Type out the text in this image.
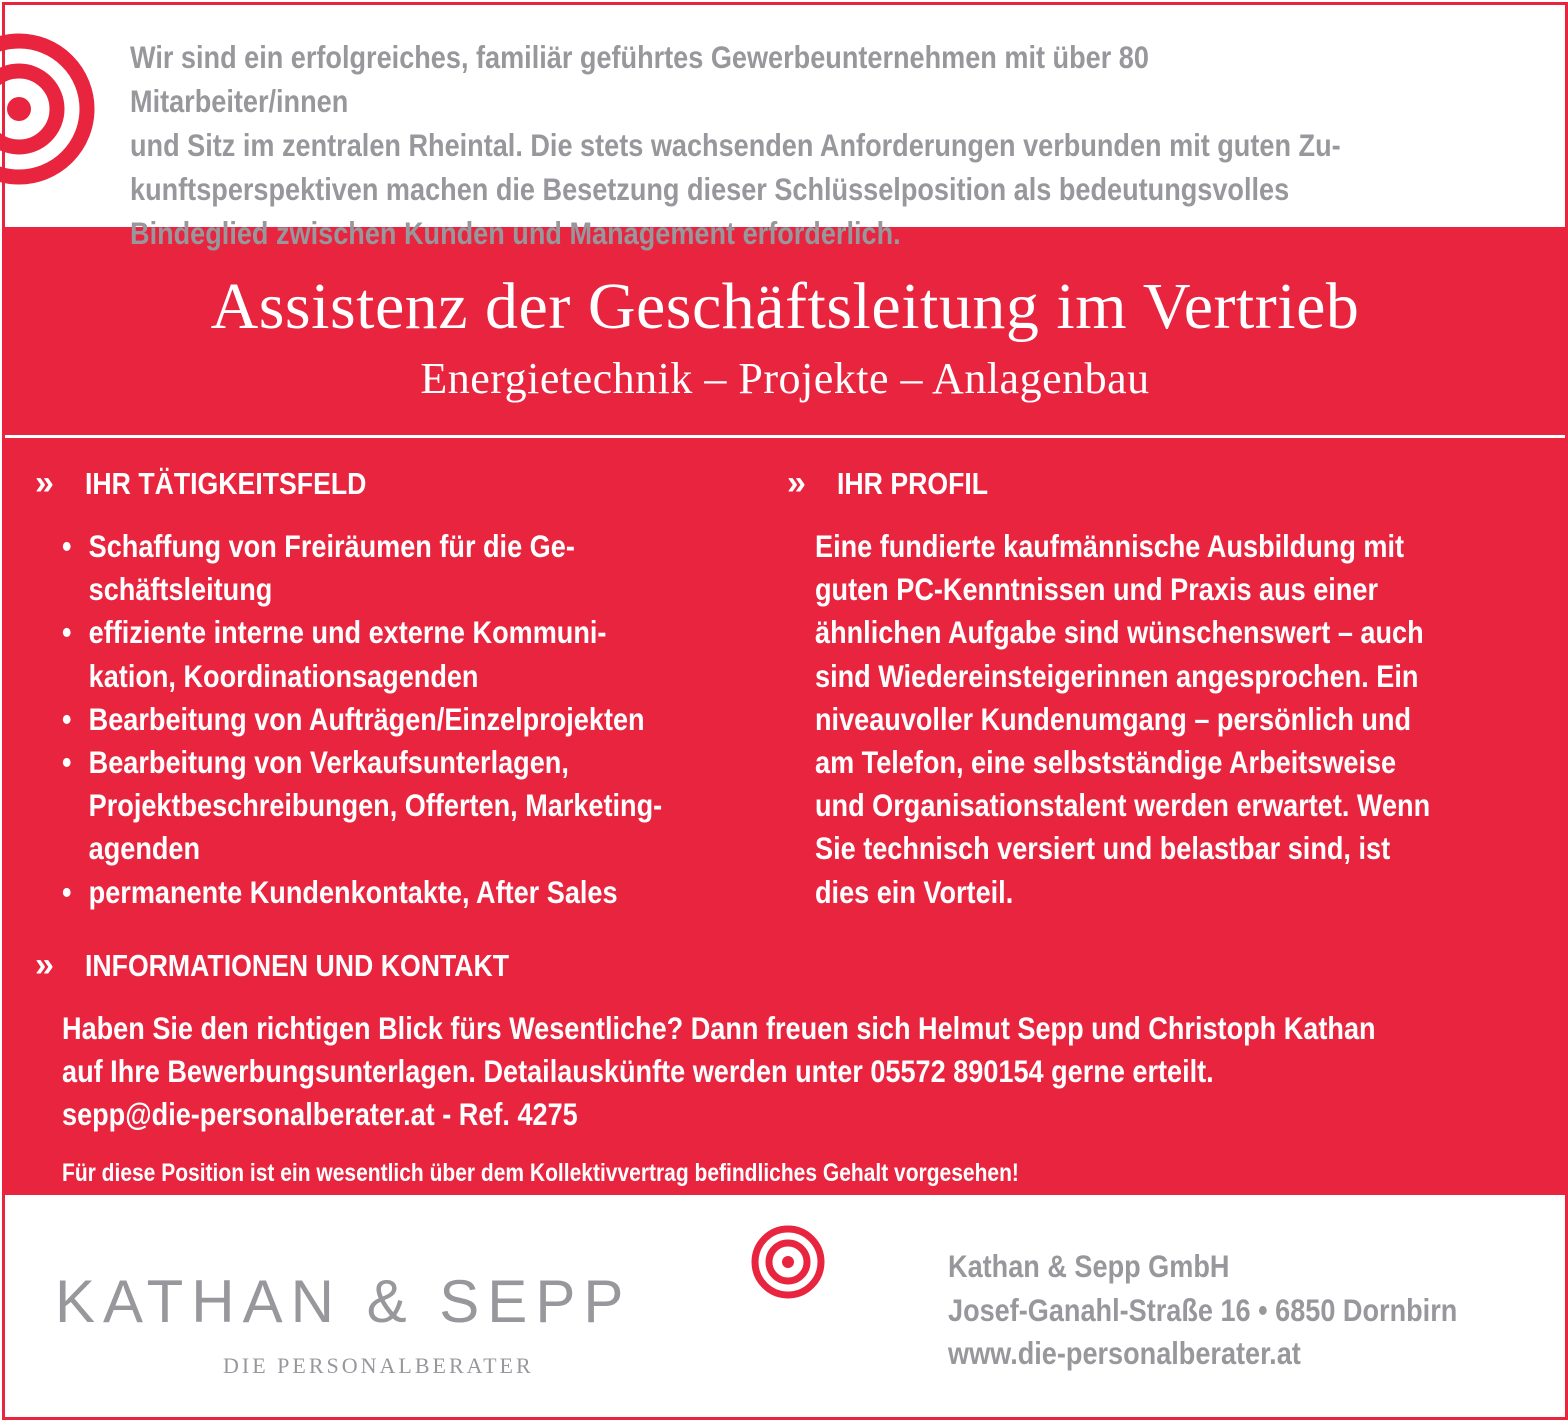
Wir sind ein erfolgreiches, familiär geführtes Gewerbeunternehmen mit über 80 Mitarbeiter/innen
und Sitz im zentralen Rheintal. Die stets wachsenden Anforderungen verbunden mit guten Zu-
kunftsperspektiven machen die Besetzung dieser Schlüsselposition als bedeutungsvolles
Bindeglied zwischen Kunden und Management erforderlich.

Assistenz der Geschäftsleitung im Vertrieb
Energietechnik – Projekte – Anlagenbau
» IHR TÄTIGKEITSFELD
• Schaffung von Freiräumen für die Ge-
schäftsleitung
• effiziente interne und externe Kommuni-
kation, Koordinationsagenden
• Bearbeitung von Aufträgen/Einzelprojekten
• Bearbeitung von Verkaufsunterlagen,
Projektbeschreibungen, Offerten, Marketing-
agenden
• permanente Kundenkontakte, After Sales
» IHR PROFIL
Eine fundierte kaufmännische Ausbildung mit
guten PC-Kenntnissen und Praxis aus einer
ähnlichen Aufgabe sind wünschenswert – auch
sind Wiedereinsteigerinnen angesprochen. Ein
niveauvoller Kundenumgang – persönlich und
am Telefon, eine selbstständige Arbeitsweise
und Organisationstalent werden erwartet. Wenn
Sie technisch versiert und belastbar sind, ist
dies ein Vorteil.
» INFORMATIONEN UND KONTAKT
Haben Sie den richtigen Blick fürs Wesentliche? Dann freuen sich Helmut Sepp und Christoph Kathan
auf Ihre Bewerbungsunterlagen. Detailauskünfte werden unter 05572 890154 gerne erteilt.
sepp@die-personalberater.at - Ref. 4275
Für diese Position ist ein wesentlich über dem Kollektivvertrag befindliches Gehalt vorgesehen!
KATHAN & SEPP
DIE PERSONALBERATER
Kathan & Sepp GmbH
Josef-Ganahl-Straße 16 • 6850 Dornbirn
www.die-personalberater.at
